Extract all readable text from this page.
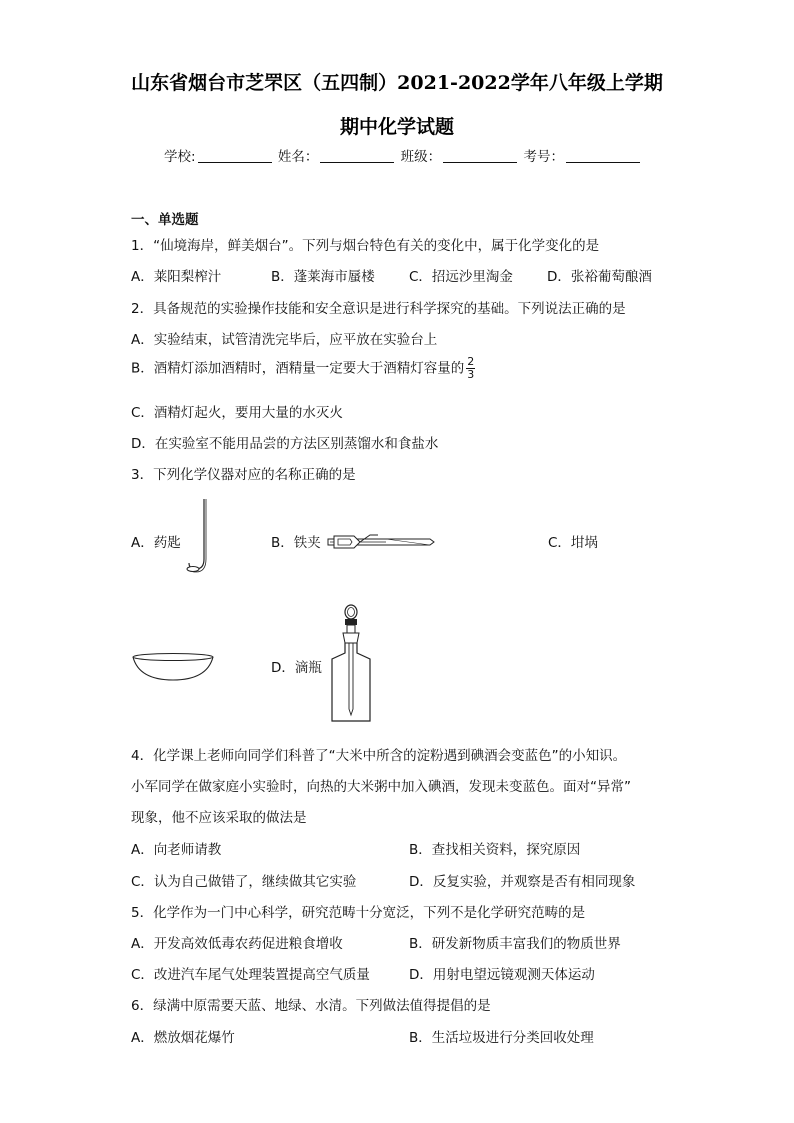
山东省烟台市芝罘区（五四制）2021-2022学年八年级上学期
期中化学试题
学校:	姓名：	班级：	考号：
一、单选题
1．“仙境海岸，鲜美烟台”。下列与烟台特色有关的变化中，属于化学变化的是
A．莱阳梨榨汁	B．蓬莱海市蜃楼	C．招远沙里淘金	D．张裕葡萄酿酒
2．具备规范的实验操作技能和安全意识是进行科学探究的基础。下列说法正确的是
A．实验结束，试管清洗完毕后，应平放在实验台上
B．酒精灯添加酒精时，酒精量一定要大于酒精灯容量的 $\frac{2}{3}$
C．酒精灯起火，要用大量的水灭火
D．在实验室不能用品尝的方法区别蒸馏水和食盐水
3．下列化学仪器对应的名称正确的是
A．药匙	B．铁夹	C．坩埚
D．滴瓶
4．化学课上老师向同学们科普了“大米中所含的淀粉遇到碘酒会变蓝色”的小知识。
小军同学在做家庭小实验时，向热的大米粥中加入碘酒，发现未变蓝色。面对“异常”
现象，他不应该采取的做法是
A．向老师请教	B．查找相关资料，探究原因
C．认为自己做错了，继续做其它实验	D．反复实验，并观察是否有相同现象
5．化学作为一门中心科学，研究范畴十分宽泛，下列不是化学研究范畴的是
A．开发高效低毒农药促进粮食增收	B．研发新物质丰富我们的物质世界
C．改进汽车尾气处理装置提高空气质量	D．用射电望远镜观测天体运动
6．绿满中原需要天蓝、地绿、水清。下列做法值得提倡的是
A．燃放烟花爆竹	B．生活垃圾进行分类回收处理
